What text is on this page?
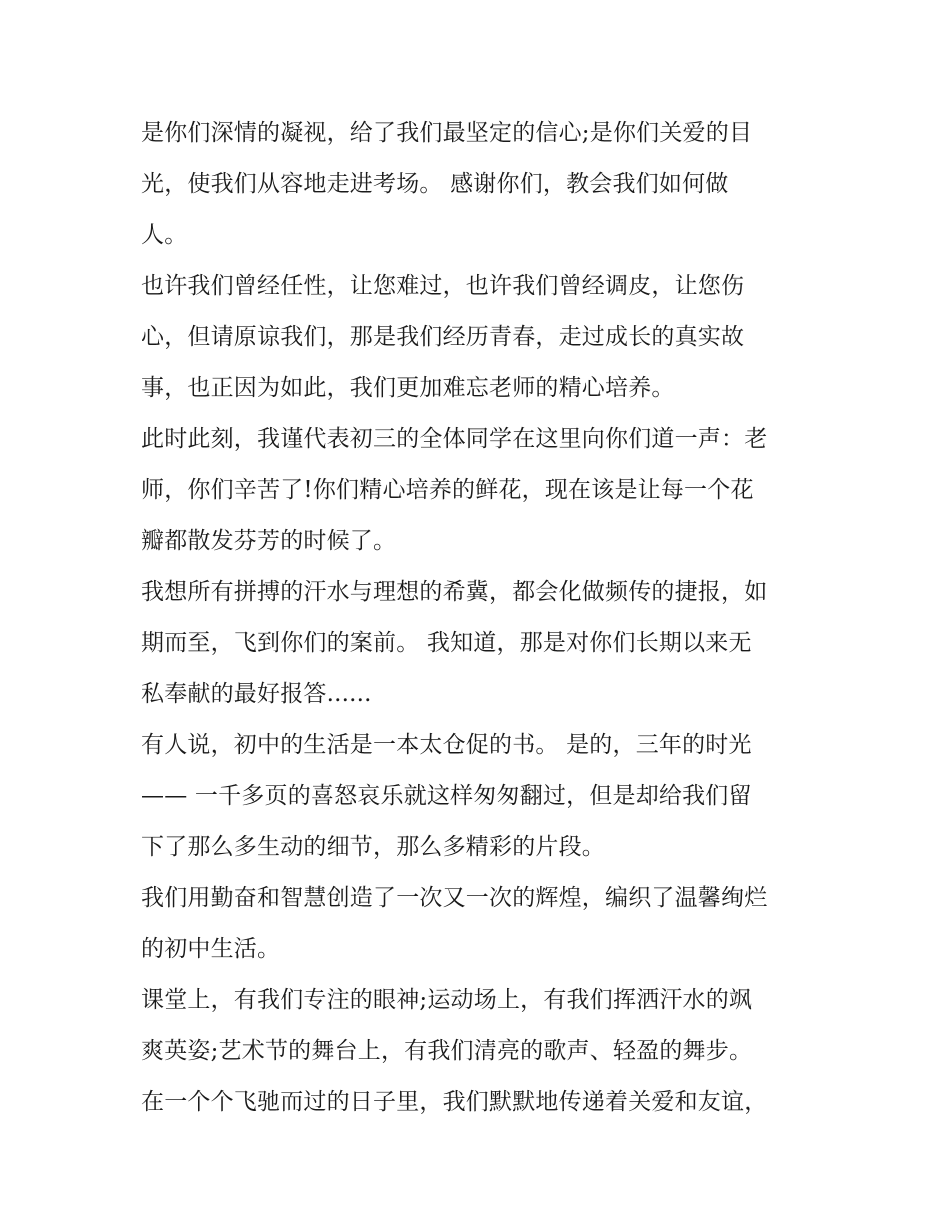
是你们深情的凝视，给了我们最坚定的信心;是你们关爱的目
光，使我们从容地走进考场。 感谢你们，教会我们如何做
人。
也许我们曾经任性，让您难过，也许我们曾经调皮，让您伤
心，但请原谅我们，那是我们经历青春，走过成长的真实故
事，也正因为如此，我们更加难忘老师的精心培养。
此时此刻，我谨代表初三的全体同学在这里向你们道一声：老
师，你们辛苦了!你们精心培养的鲜花，现在该是让每一个花
瓣都散发芬芳的时候了。
我想所有拼搏的汗水与理想的希冀，都会化做频传的捷报，如
期而至，飞到你们的案前。 我知道，那是对你们长期以来无
私奉献的最好报答......
有人说，初中的生活是一本太仓促的书。 是的，三年的时光
—— 一千多页的喜怒哀乐就这样匆匆翻过，但是却给我们留
下了那么多生动的细节，那么多精彩的片段。
我们用勤奋和智慧创造了一次又一次的辉煌，编织了温馨绚烂
的初中生活。
课堂上，有我们专注的眼神;运动场上，有我们挥洒汗水的飒
爽英姿;艺术节的舞台上，有我们清亮的歌声、轻盈的舞步。
在一个个飞驰而过的日子里，我们默默地传递着关爱和友谊，
